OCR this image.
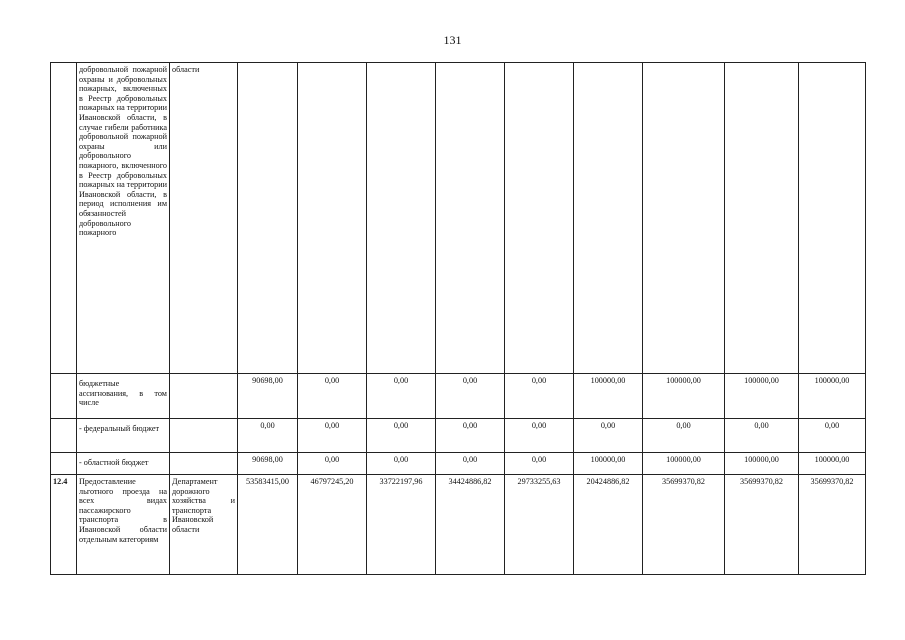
131
	добровольной пожарной охраны и добровольных пожарных, включенных в Реестр добровольных пожарных на территории Ивановской области, в случае гибели работника добровольной пожарной охраны или добровольного пожарного, включенного в Реестр добровольных пожарных на территории Ивановской области, в период исполнения им обязанностей добровольного пожарного	области									
	бюджетные ассигнования, в том числе		90698,00	0,00	0,00	0,00	0,00	100000,00	100000,00	100000,00	100000,00
	- федеральный бюджет		0,00	0,00	0,00	0,00	0,00	0,00	0,00	0,00	0,00
	- областной бюджет		90698,00	0,00	0,00	0,00	0,00	100000,00	100000,00	100000,00	100000,00
12.4	Предоставление льготного проезда на всех видах пассажирского транспорта в Ивановской области отдельным категориям	Департамент дорожного хозяйства и транспорта Ивановской области	53583415,00	46797245,20	33722197,96	34424886,82	29733255,63	20424886,82	35699370,82	35699370,82	35699370,82
